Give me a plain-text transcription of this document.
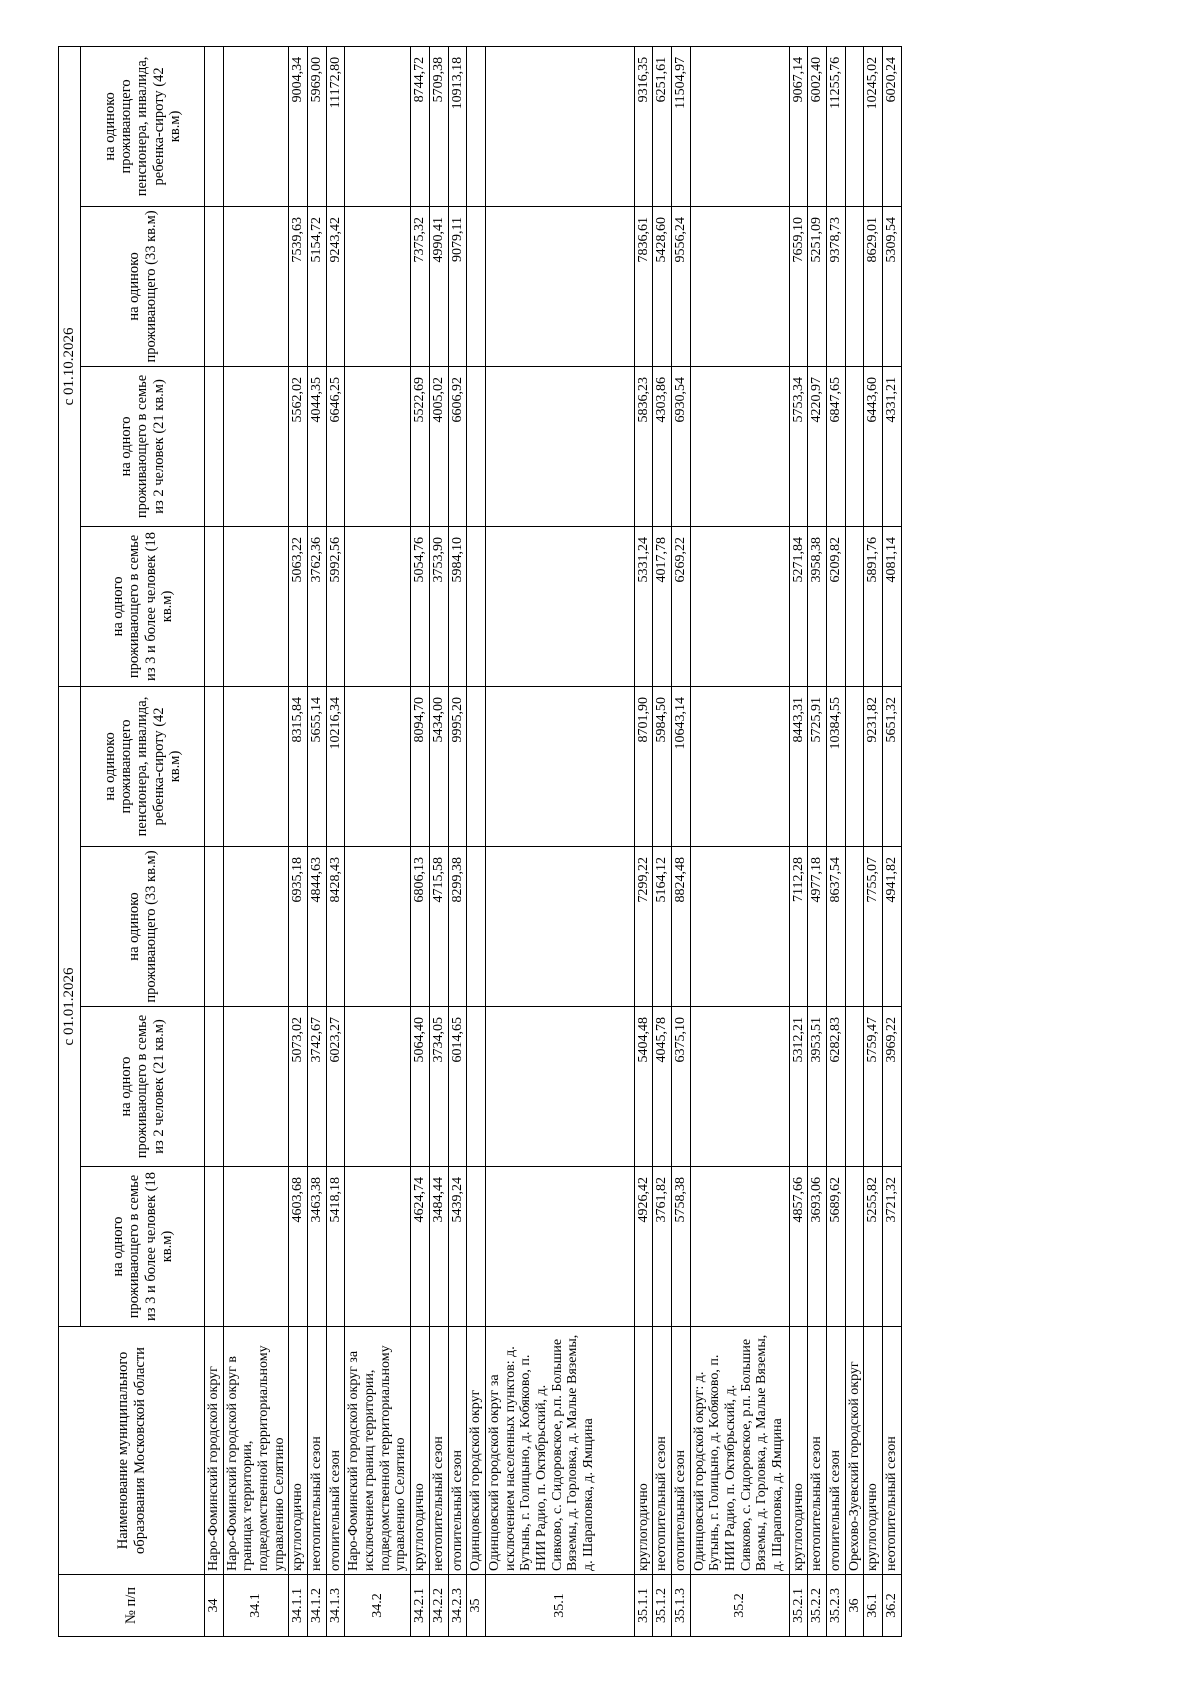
№ п/п	Наименование муниципального образования Московской области	с 01.01.2026				с 01.10.2026			
		на одного проживающего в семье из 3 и более человек (18 кв.м)	на одного проживающего в семье из 2 человек (21 кв.м)	на одиноко проживающего (33 кв.м)	на одиноко проживающего пенсионера, инвалида, ребенка-сироту (42 кв.м)	на одного проживающего в семье из 3 и более человек (18 кв.м)	на одного проживающего в семье из 2 человек (21 кв.м)	на одиноко проживающего (33 кв.м)	на одиноко проживающего пенсионера, инвалида, ребенка-сироту (42 кв.м)
34	Наро-Фоминский городской округ								
34.1	Наро-Фоминский городской округ в границах территории, подведомственной территориальному управлению Селятино								
34.1.1	круглогодично	4603,68	5073,02	6935,18	8315,84	5063,22	5562,02	7539,63	9004,34
34.1.2	неотопительный сезон	3463,38	3742,67	4844,63	5655,14	3762,36	4044,35	5154,72	5969,00
34.1.3	отопительный сезон	5418,18	6023,27	8428,43	10216,34	5992,56	6646,25	9243,42	11172,80
34.2	Наро-Фоминский городской округ за исключением границ территории, подведомственной территориальному управлению Селятино								
34.2.1	круглогодично	4624,74	5064,40	6806,13	8094,70	5054,76	5522,69	7375,32	8744,72
34.2.2	неотопительный сезон	3484,44	3734,05	4715,58	5434,00	3753,90	4005,02	4990,41	5709,38
34.2.3	отопительный сезон	5439,24	6014,65	8299,38	9995,20	5984,10	6606,92	9079,11	10913,18
35	Одинцовский городской округ								
35.1	Одинцовский городской округ за исключением населенных пунктов: д. Бутынь, г. Голицыно, д. Кобяково, п. НИИ Радио, п. Октябрьский, д. Сивково, с. Сидоровское, р.п. Большие Вяземы, д. Горловка, д. Малые Вяземы, д. Шараповка, д. Ямщина								
35.1.1	круглогодично	4926,42	5404,48	7299,22	8701,90	5331,24	5836,23	7836,61	9316,35
35.1.2	неотопительный сезон	3761,82	4045,78	5164,12	5984,50	4017,78	4303,86	5428,60	6251,61
35.1.3	отопительный сезон	5758,38	6375,10	8824,48	10643,14	6269,22	6930,54	9556,24	11504,97
35.2	Одинцовский городской округ: д. Бутынь, г. Голицыно, д. Кобяково, п. НИИ Радио, п. Октябрьский, д. Сивково, с. Сидоровское, р.п. Большие Вяземы, д. Горловка, д. Малые Вяземы, д. Шараповка, д. Ямщина								
35.2.1	круглогодично	4857,66	5312,21	7112,28	8443,31	5271,84	5753,34	7659,10	9067,14
35.2.2	неотопительный сезон	3693,06	3953,51	4977,18	5725,91	3958,38	4220,97	5251,09	6002,40
35.2.3	отопительный сезон	5689,62	6282,83	8637,54	10384,55	6209,82	6847,65	9378,73	11255,76
36	Орехово-Зуевский городской округ								
36.1	круглогодично	5255,82	5759,47	7755,07	9231,82	5891,76	6443,60	8629,01	10245,02
36.2	неотопительный сезон	3721,32	3969,22	4941,82	5651,32	4081,14	4331,21	5309,54	6020,24
